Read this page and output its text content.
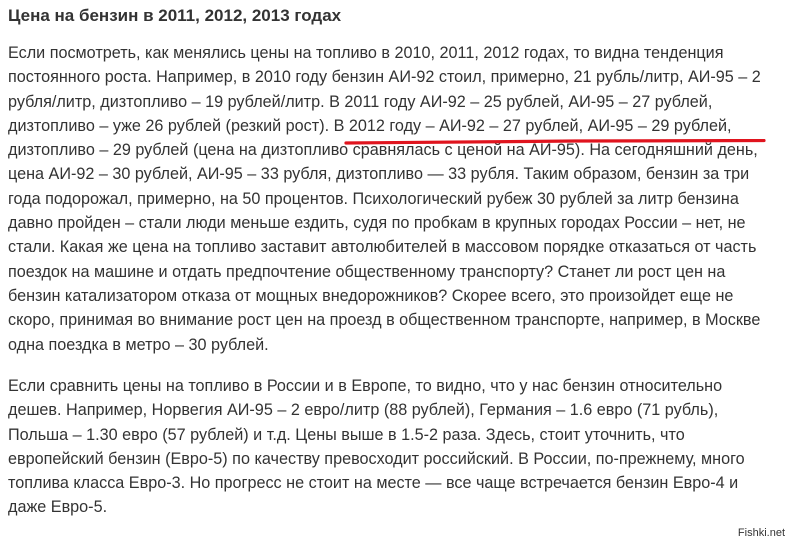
Цена на бензин в 2011, 2012, 2013 годах

Если посмотреть, как менялись цены на топливо в 2010, 2011, 2012 годах, то видна тенденция
постоянного роста. Например, в 2010 году бензин АИ-92 стоил, примерно, 21 рубль/литр, АИ-95 – 2
рубля/литр, дизтопливо – 19 рублей/литр. В 2011 году АИ-92 – 25 рублей, АИ-95 – 27 рублей,
дизтопливо – уже 26 рублей (резкий рост). В 2012 году – АИ-92 – 27 рублей, АИ-95 – 29 рублей,
дизтопливо – 29 рублей (цена на дизтопливо сравнялась с ценой на АИ-95). На сегодняшний день,
цена АИ-92 – 30 рублей, АИ-95 – 33 рубля, дизтопливо — 33 рубля. Таким образом, бензин за три
года подорожал, примерно, на 50 процентов. Психологический рубеж 30 рублей за литр бензина
давно пройден – стали люди меньше ездить, судя по пробкам в крупных городах России – нет, не
стали. Какая же цена на топливо заставит автолюбителей в массовом порядке отказаться от часть
поездок на машине и отдать предпочтение общественному транспорту? Станет ли рост цен на
бензин катализатором отказа от мощных внедорожников? Скорее всего, это произойдет еще не
скоро, принимая во внимание рост цен на проезд в общественном транспорте, например, в Москве
одна поездка в метро – 30 рублей.

Если сравнить цены на топливо в России и в Европе, то видно, что у нас бензин относительно
дешев. Например, Норвегия АИ-95 – 2 евро/литр (88 рублей), Германия – 1.6 евро (71 рубль),
Польша – 1.30 евро (57 рублей) и т.д. Цены выше в 1.5-2 раза. Здесь, стоит уточнить, что
европейский бензин (Евро-5) по качеству превосходит российский. В России, по-прежнему, много
топлива класса Евро-3. Но прогресс не стоит на месте — все чаще встречается бензин Евро-4 и
даже Евро-5.

Fishki.net
